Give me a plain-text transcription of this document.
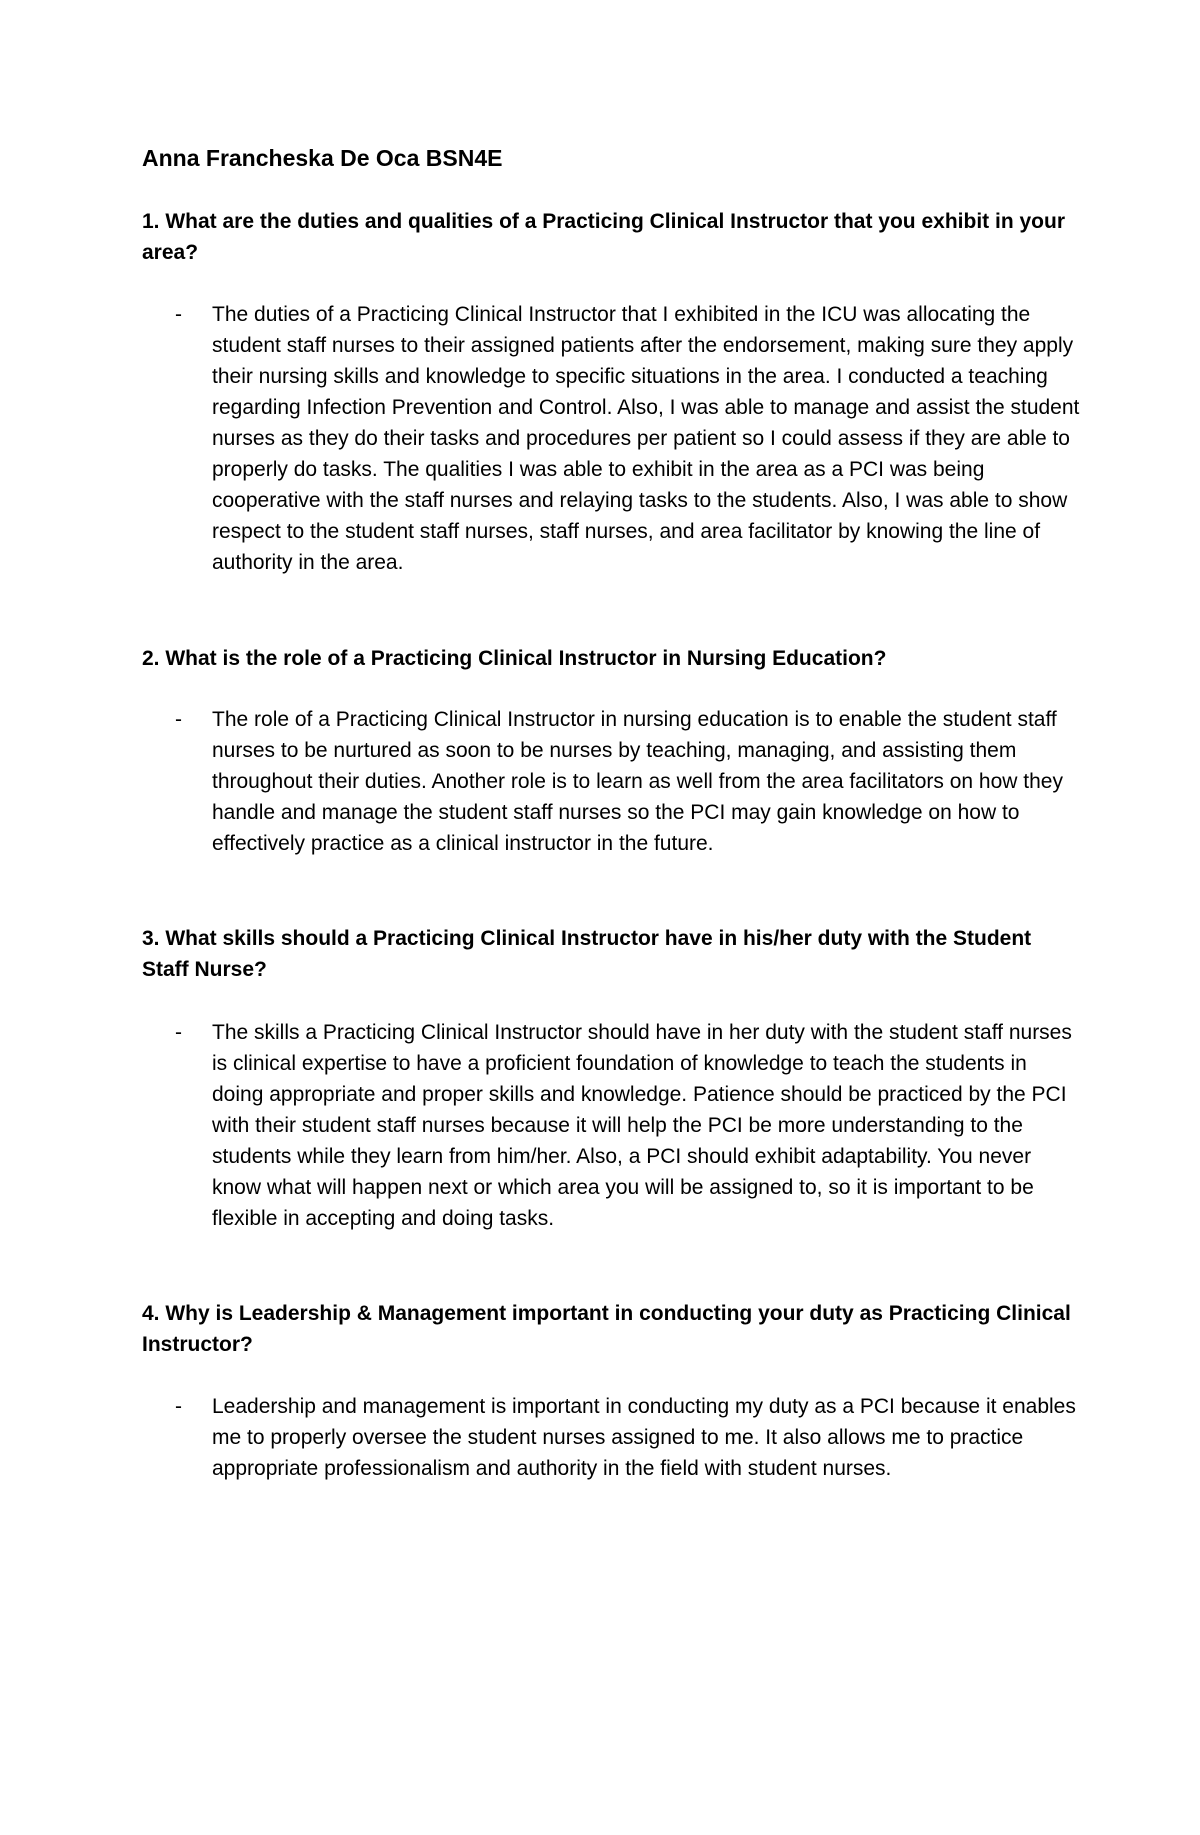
Anna Francheska De Oca BSN4E

1. What are the duties and qualities of a Practicing Clinical Instructor that you exhibit in your area?

-	The duties of a Practicing Clinical Instructor that I exhibited in the ICU was allocating the student staff nurses to their assigned patients after the endorsement, making sure they apply their nursing skills and knowledge to specific situations in the area. I conducted a teaching regarding Infection Prevention and Control. Also, I was able to manage and assist the student nurses as they do their tasks and procedures per patient so I could assess if they are able to properly do tasks. The qualities I was able to exhibit in the area as a PCI was being cooperative with the staff nurses and relaying tasks to the students. Also, I was able to show respect to the student staff nurses, staff nurses, and area facilitator by knowing the line of authority in the area.

2. What is the role of a Practicing Clinical Instructor in Nursing Education?

-	The role of a Practicing Clinical Instructor in nursing education is to enable the student staff nurses to be nurtured as soon to be nurses by teaching, managing, and assisting them throughout their duties. Another role is to learn as well from the area facilitators on how they handle and manage the student staff nurses so the PCI may gain knowledge on how to effectively practice as a clinical instructor in the future.

3. What skills should a Practicing Clinical Instructor have in his/her duty with the Student Staff Nurse?

-	The skills a Practicing Clinical Instructor should have in her duty with the student staff nurses is clinical expertise to have a proficient foundation of knowledge to teach the students in doing appropriate and proper skills and knowledge. Patience should be practiced by the PCI with their student staff nurses because it will help the PCI be more understanding to the students while they learn from him/her. Also, a PCI should exhibit adaptability. You never know what will happen next or which area you will be assigned to, so it is important to be flexible in accepting and doing tasks.

4. Why is Leadership & Management important in conducting your duty as Practicing Clinical Instructor?

-	Leadership and management is important in conducting my duty as a PCI because it enables me to properly oversee the student nurses assigned to me. It also allows me to practice appropriate professionalism and authority in the field with student nurses.
